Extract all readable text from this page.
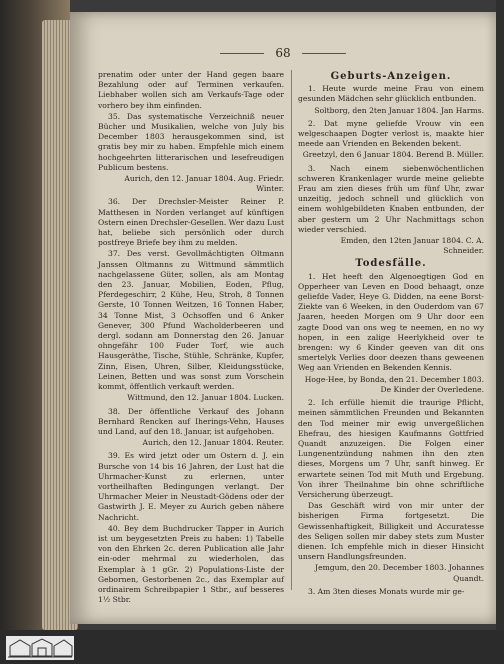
68

prenatim oder unter der Hand gegen baare Bezahlung oder auf Terminen verkaufen. Liebhaber wollen sich am Verkaufs-Tage oder vorhero bey ihm einfinden.

35. Das systematische Verzeichniß neuer Bücher und Musikalien, welche von July bis December 1803 herausgekommen sind, ist gratis bey mir zu haben. Empfehle mich einem hochgeehrten litterarischen und lesefreudigen Publicum bestens.

Aurich, den 12. Januar 1804. Aug. Friedr. Winter.

36. Der Drechsler-Meister Reiner P. Matthesen in Norden verlanget auf künftigen Ostern einen Drechsler-Gesellen. Wer dazu Lust hat, beliebe sich persönlich oder durch postfreye Briefe bey ihm zu melden.

37. Des verst. Gevollmächtigten Oltmann Janssen Oltmanns zu Wittmund sämmtlich nachgelassene Güter, sollen, als am Montag den 23. Januar, Mobilien, Eoden, Pflug, Pferdegeschirr, 2 Kühe, Heu, Stroh, 8 Tonnen Gerste, 10 Tonnen Weitzen, 16 Tonnen Haber, 34 Tonne Mist, 3 Ochsoffen und 6 Anker Genever, 300 Pfund Wacholderbeeren und dergl. sodann am Donnerstag den 26. Januar ohngefähr 100 Fuder Torf, wie auch Hausgeräthe, Tische, Stühle, Schränke, Kupfer, Zinn, Eisen, Uhren, Silber, Kleidungsstücke, Leinen, Betten und was sonst zum Vorschein kommt, öffentlich verkauft werden.

Wittmund, den 12. Januar 1804. Lucken.

38. Der öffentliche Verkauf des Johann Bernhard Rencken auf Iherings-Vehn, Hauses und Land, auf den 18. Januar, ist aufgehoben.

Aurich, den 12. Januar 1804. Reuter.

39. Es wird jetzt oder um Ostern d. J. ein Bursche von 14 bis 16 Jahren, der Lust hat die Uhrmacher-Kunst zu erlernen, unter vortheilhaften Bedingungen verlangt. Der Uhrmacher Meier in Neustadt-Gödens oder der Gastwirth J. E. Meyer zu Aurich geben nähere Nachricht.

40. Bey dem Buchdrucker Tapper in Aurich ist um beygesetzten Preis zu haben: 1) Tabelle von den Ehrken 2c. deren Publication alle Jahr ein-oder mehrmal zu wiederholen, das Exemplar à 1 gGr. 2) Populations-Liste der Gebornen, Gestorbenen 2c., das Exemplar auf ordinairem Schreibpapier 1 Stbr., auf besseres 1½ Stbr.

Geburts-Anzeigen.

1. Heute wurde meine Frau von einem gesunden Mädchen sehr glücklich entbunden.

Soltborg, den 2ten Januar 1804. Jan Harms.

2. Dat myne geliefde Vrouw vin een welgeschaapen Dogter verlost is, maakte hier meede aan Vrienden en Bekenden bekent.

Greetzyl, den 6 Januar 1804. Berend B. Müller.

3. Nach einem siebenwöchentlichen schweren Krankenlager wurde meine geliebte Frau am zien dieses früh um fünf Uhr, zwar unzeitig, jedoch schnell und glücklich von einem wohlgebildeten Knaben entbunden, der aber gestern um 2 Uhr Nachmittags schon wieder verschied.

Emden, den 12ten Januar 1804. C. A. Schneider.

Todesfälle.

1. Het heeft den Algenoegtigen God en Opperheer van Leven en Dood behaagt, onze geliefde Vader, Heye G. Didden, na eene Borst-Ziekte van 6 Weeken, in den Ouderdom van 67 Jaaren, heeden Morgen om 9 Uhr door een zagte Dood van ons weg te neemen, en no wy hopen, in een zalige Heerlykheid over te brengen: wy 6 Kinder geeven van dit ons smertelyk Verlies door deezen thans geweenen Weg aan Vrienden en Bekenden Kennis.

Hoge-Hee, by Bonda, den 21. December 1803. De Kinder der Overledene.

2. Ich erfülle hiemit die traurige Pflicht, meinen sämmtlichen Freunden und Bekannten den Tod meiner mir ewig unvergeßlichen Ehefrau, des hiesigen Kaufmanns Gottfried Quandt anzuzeigen. Die Folgen einer Lungenentzündung nahmen ihn den zten dieses, Morgens um 7 Uhr, sanft hinweg. Er erwartete seinen Tod mit Muth und Ergebung. Von ihrer Theilnahme bin ohne schriftliche Versicherung überzeugt.

Das Geschäft wird von mir unter der bisherigen Firma fortgesetzt. Die Gewissenhaftigkeit, Billigkeit und Accuratesse des Seligen sollen mir dabey stets zum Muster dienen. Ich empfehle mich in dieser Hinsicht unsern Handlungsfreunden.

Jemgum, den 20. December 1803. Johannes Quandt.

3. Am 3ten dieses Monats wurde mir ge-
